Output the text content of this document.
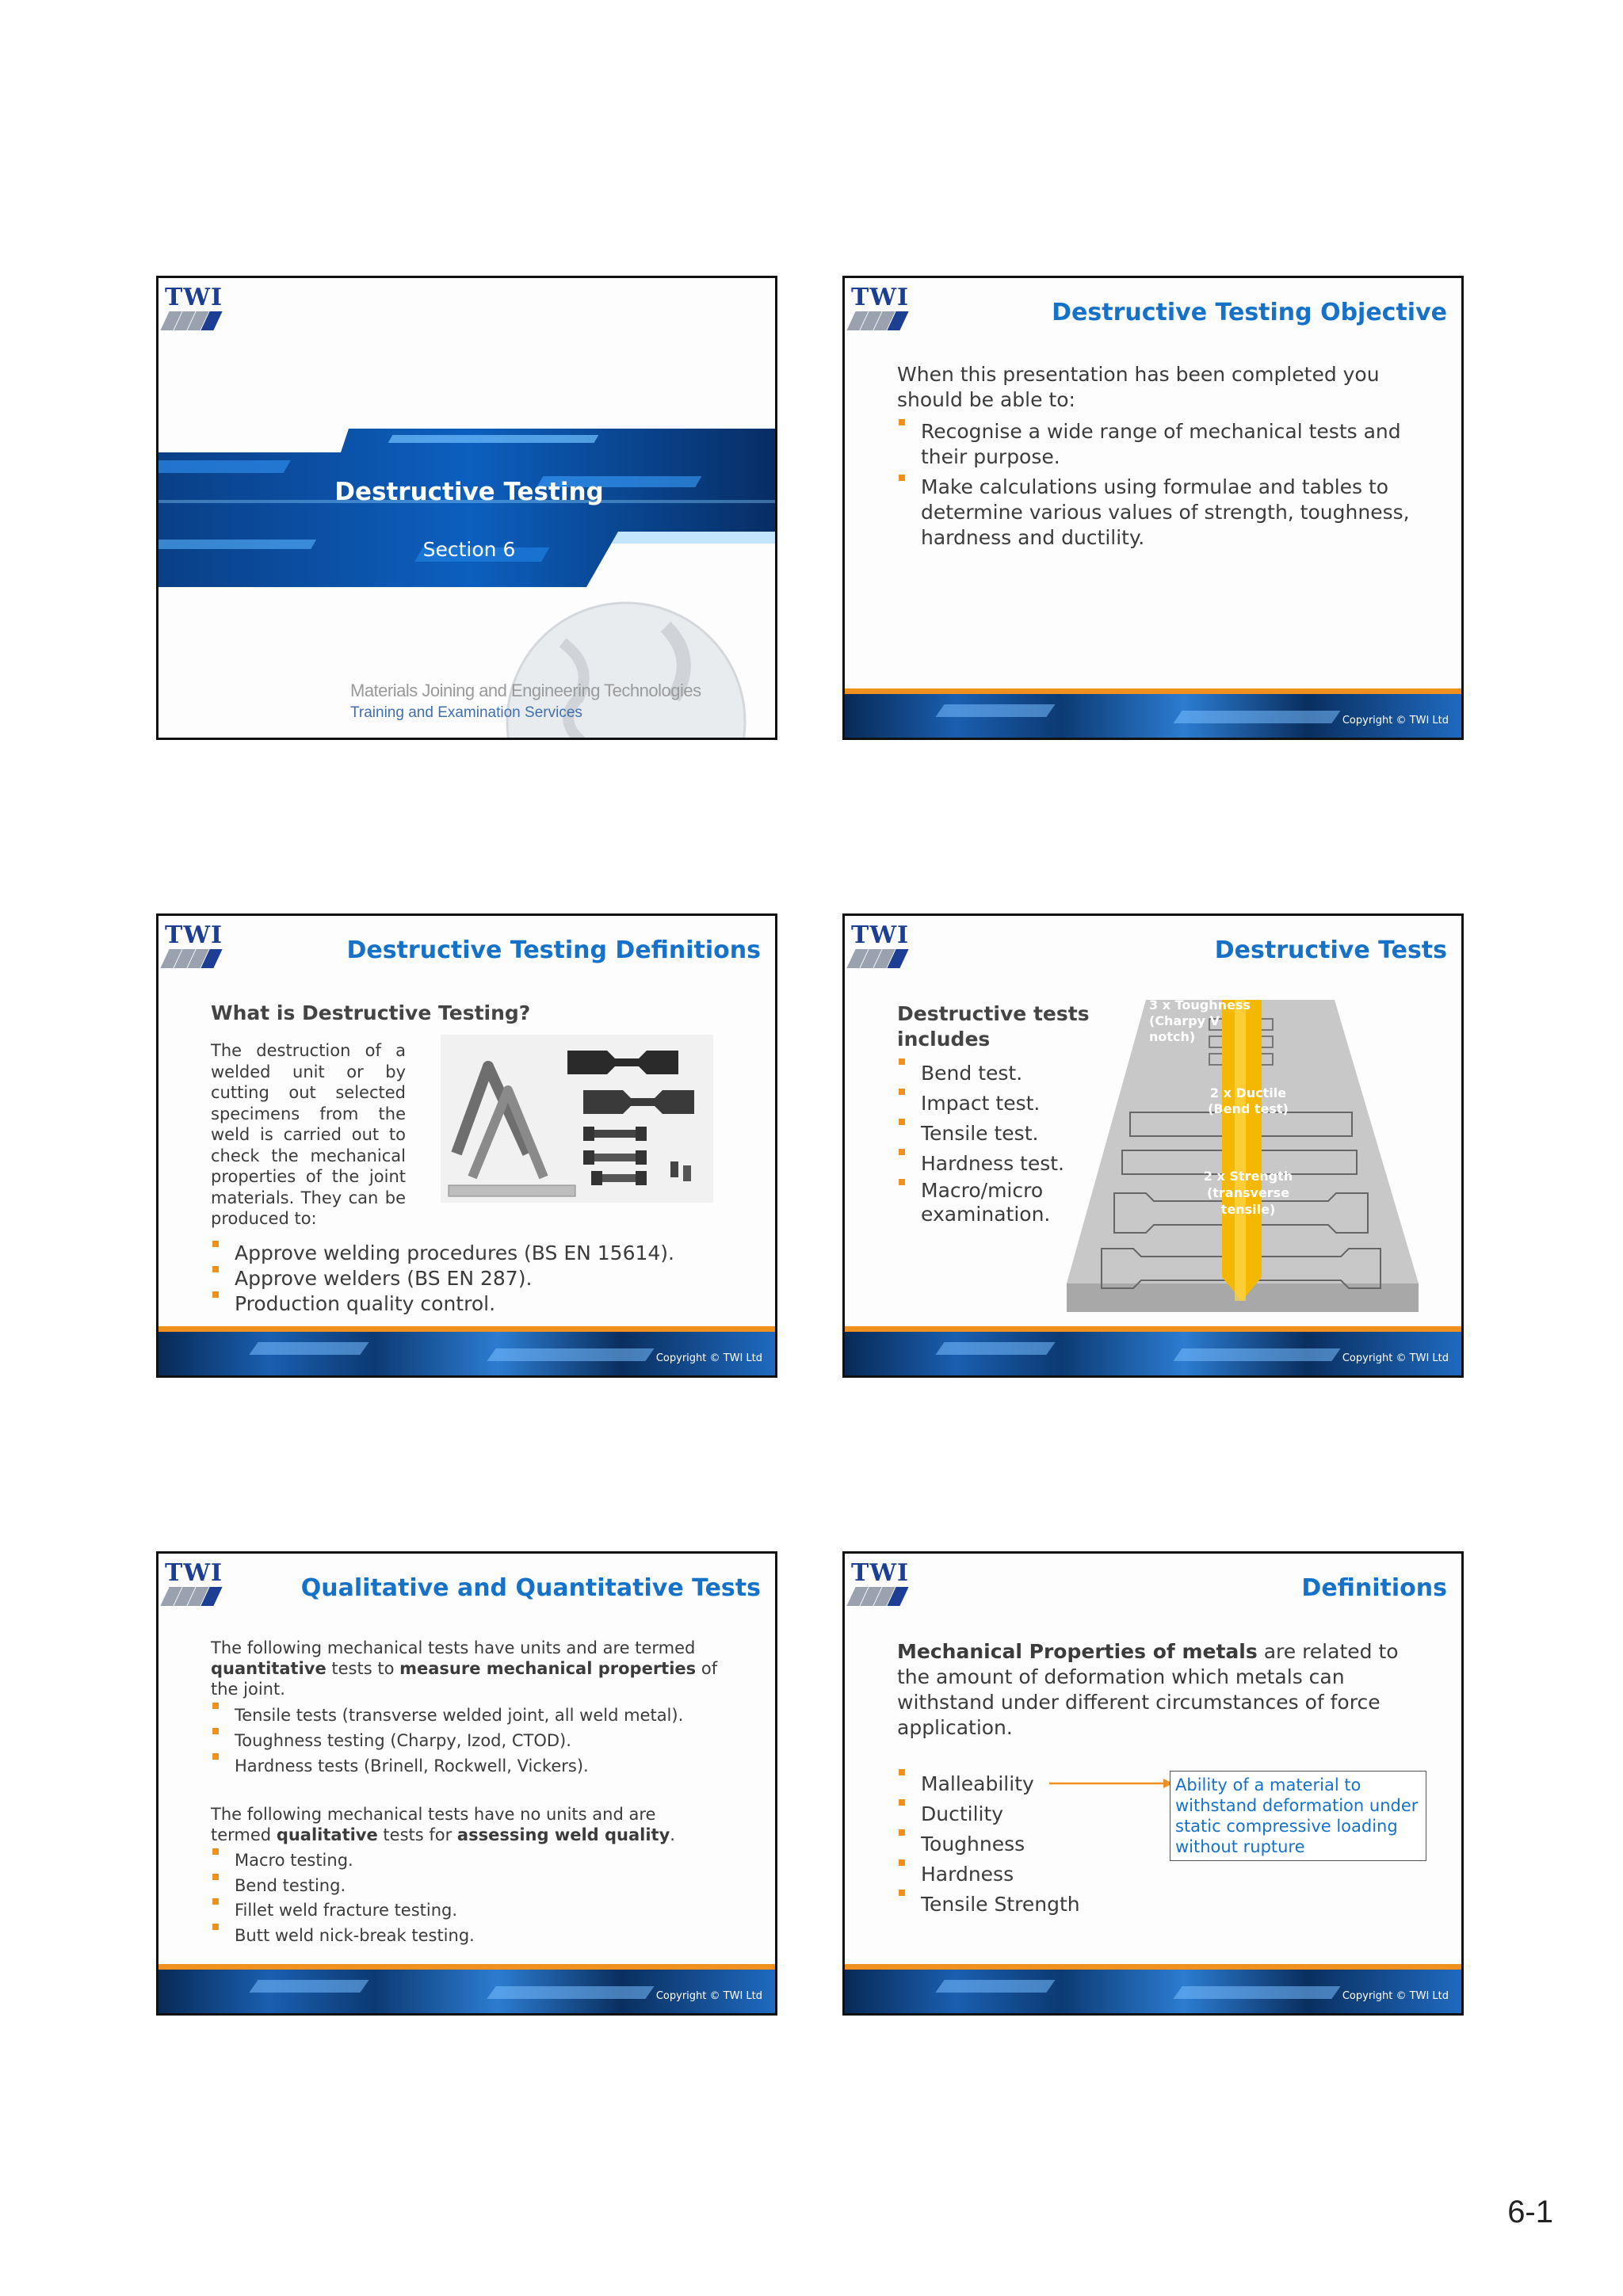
TWI
Destructive Testing
Section 6
Materials Joining and Engineering Technologies
Training and Examination Services
TWI
Destructive Testing Objective
When this presentation has been completed you should be able to:
Recognise a wide range of mechanical tests and their purpose.
Make calculations using formulae and tables to determine various values of strength, toughness, hardness and ductility.
Copyright © TWI Ltd
TWI
Destructive Testing Definitions
What is Destructive Testing?
The destruction of a welded unit or by cutting out selected specimens from the weld is carried out to check the mechanical properties of the joint materials. They can be produced to:
Approve welding procedures (BS EN 15614).
Approve welders (BS EN 287).
Production quality control.
Copyright © TWI Ltd
TWI
Destructive Tests
Destructive tests includes
Bend test.
Impact test.
Tensile test.
Hardness test.
Macro/micro examination.
3 x Toughness (Charpy V notch)
2 x Ductile (Bend test)
2 x Strength (transverse tensile)
Copyright © TWI Ltd
TWI
Qualitative and Quantitative Tests
The following mechanical tests have units and are termed quantitative tests to measure mechanical properties of the joint.
Tensile tests (transverse welded joint, all weld metal).
Toughness testing (Charpy, Izod, CTOD).
Hardness tests (Brinell, Rockwell, Vickers).
The following mechanical tests have no units and are termed qualitative tests for assessing weld quality.
Macro testing.
Bend testing.
Fillet weld fracture testing.
Butt weld nick-break testing.
Copyright © TWI Ltd
TWI
Definitions
Mechanical Properties of metals are related to the amount of deformation which metals can withstand under different circumstances of force application.
Malleability
Ductility
Toughness
Hardness
Tensile Strength
Ability of a material to withstand deformation under static compressive loading without rupture
Copyright © TWI Ltd
6-1
